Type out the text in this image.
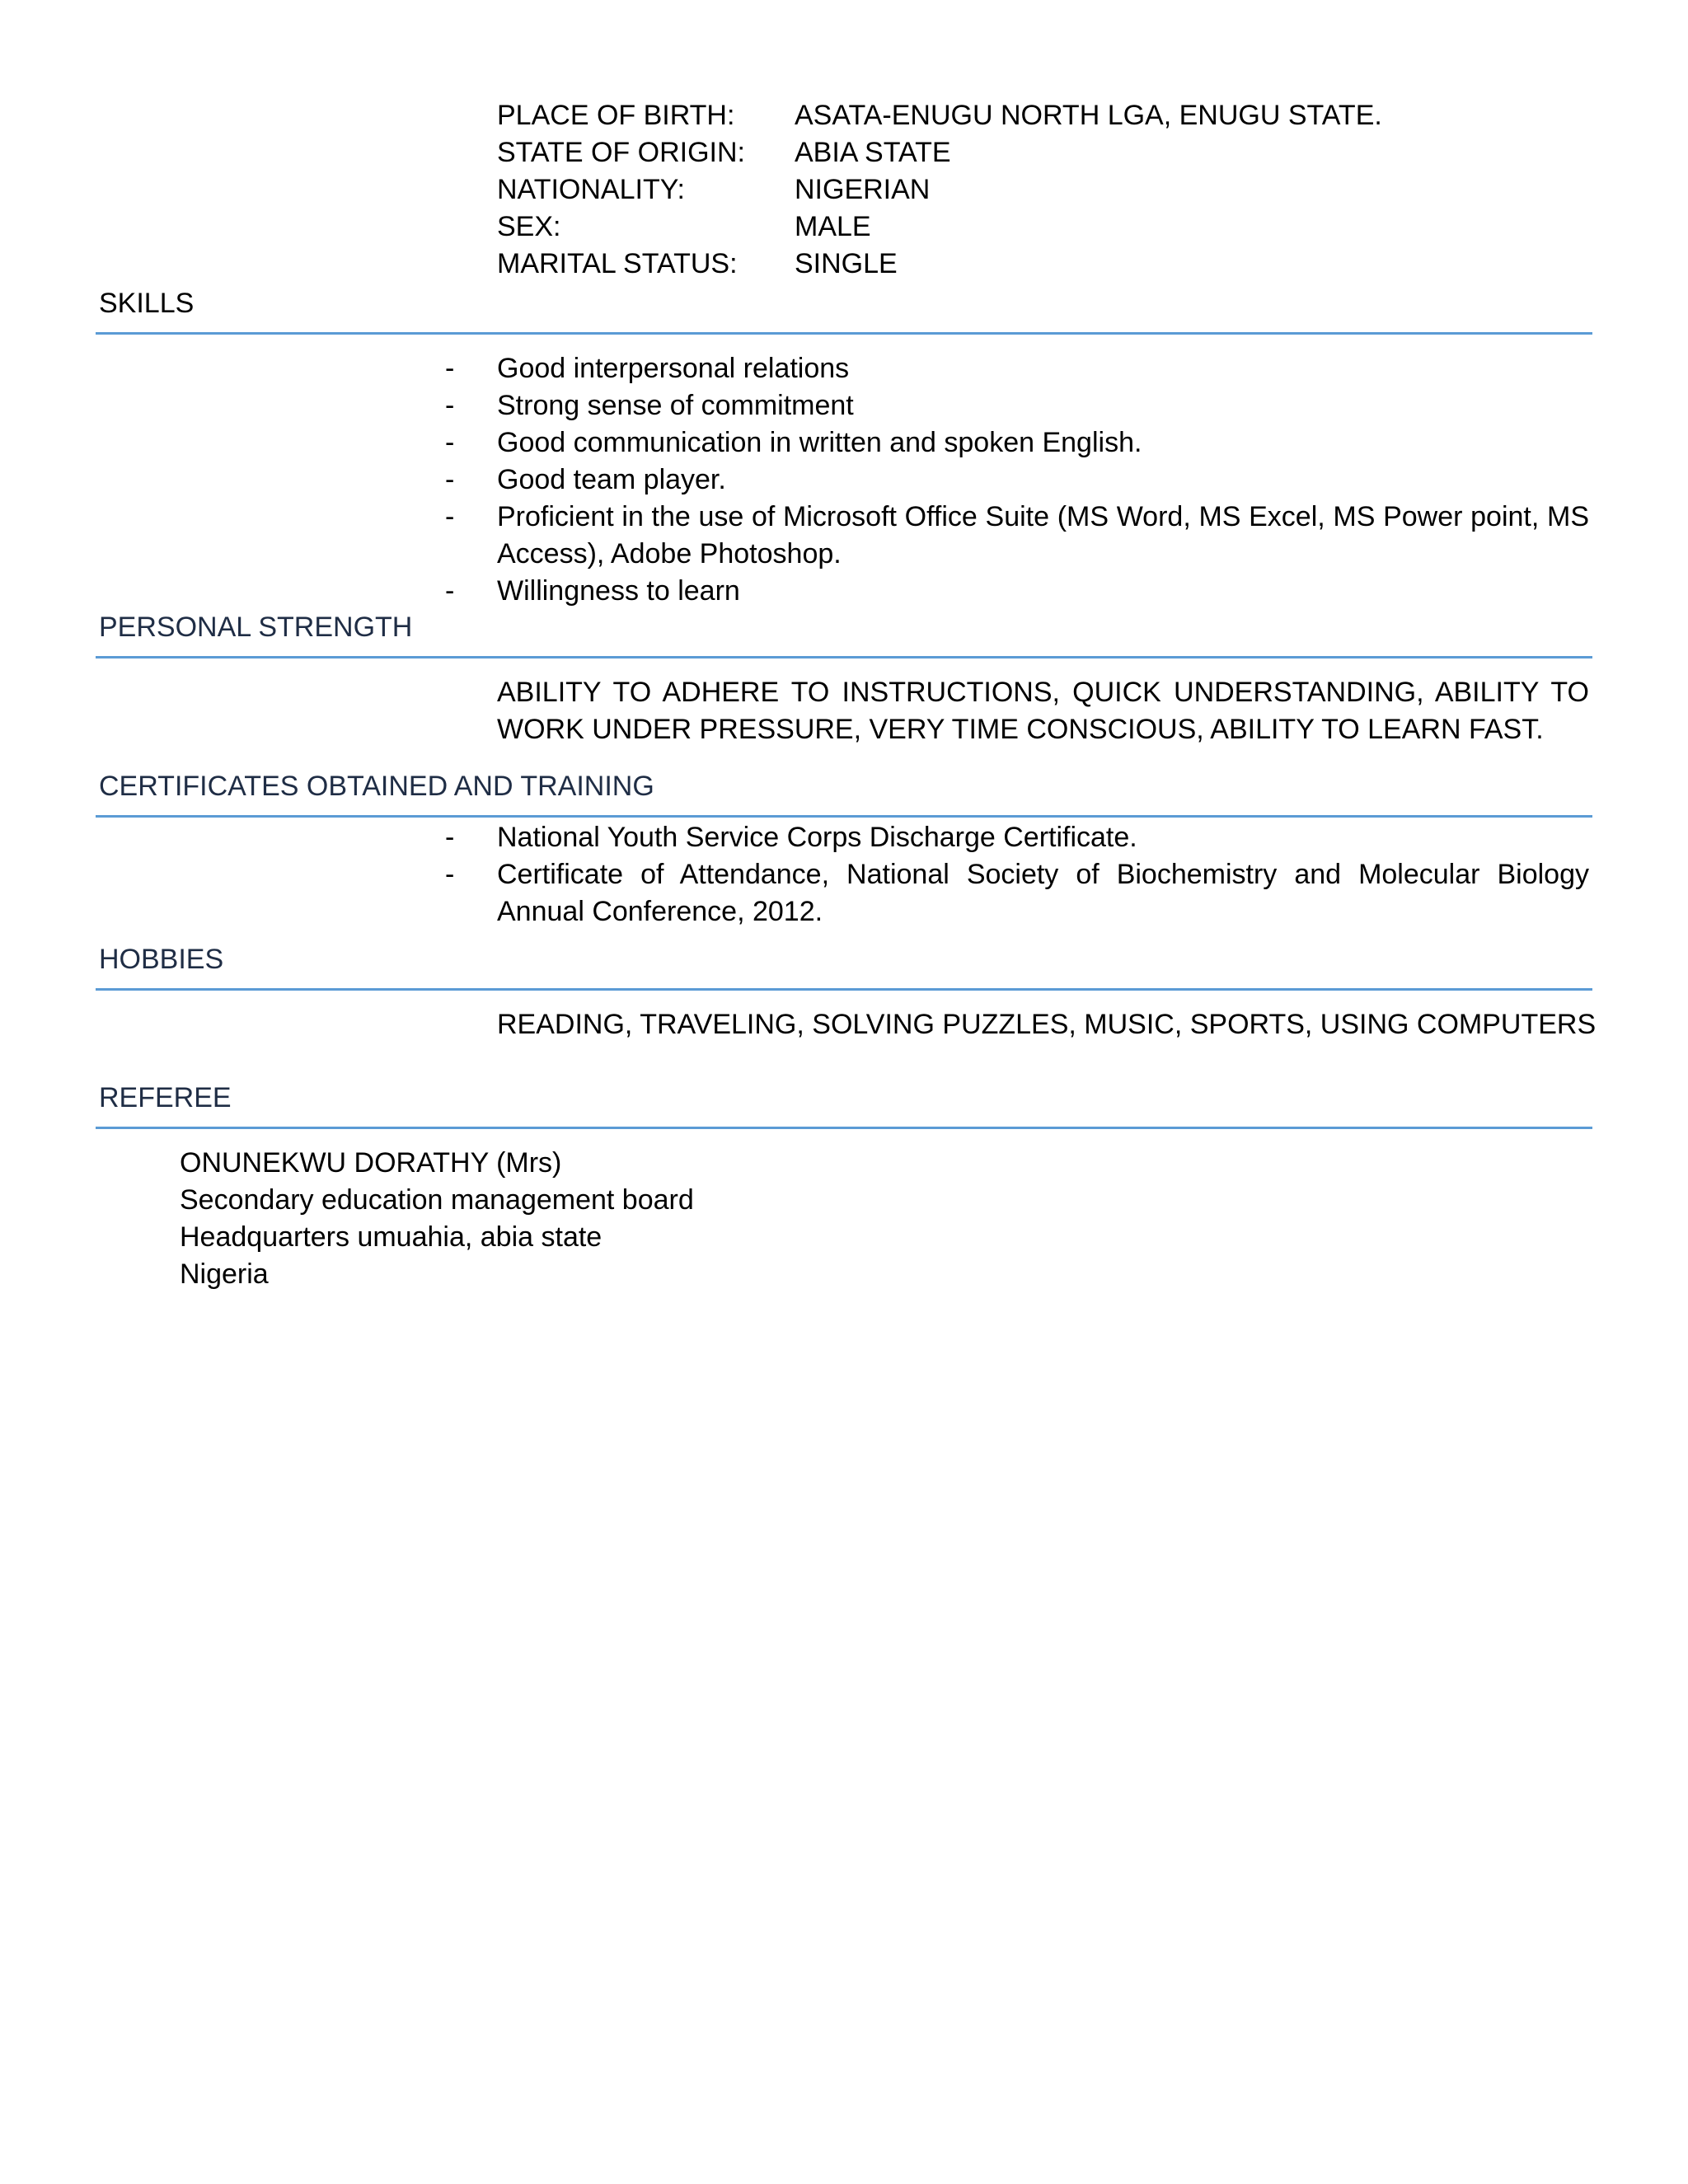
PLACE OF BIRTH:	ASATA-ENUGU NORTH LGA, ENUGU STATE.
STATE OF ORIGIN:	ABIA STATE
NATIONALITY:	NIGERIAN
SEX:	MALE
MARITAL STATUS:	SINGLE
SKILLS
-	Good interpersonal relations
-	Strong sense of commitment
-	Good communication in written and spoken English.
-	Good team player.
-	Proficient in the use of Microsoft Office Suite (MS Word, MS Excel, MS Power point, MS Access), Adobe Photoshop.
-	Willingness to learn
PERSONAL STRENGTH

ABILITY TO ADHERE TO INSTRUCTIONS, QUICK UNDERSTANDING, ABILITY TO WORK UNDER PRESSURE, VERY TIME CONSCIOUS, ABILITY TO LEARN FAST.

CERTIFICATES OBTAINED AND TRAINING
-	National Youth Service Corps Discharge Certificate.
-	Certificate of Attendance, National Society of Biochemistry and Molecular Biology Annual Conference, 2012.
HOBBIES

READING, TRAVELING, SOLVING PUZZLES, MUSIC, SPORTS, USING COMPUTERS

REFEREE
ONUNEKWU DORATHY (Mrs)
Secondary education management board
Headquarters umuahia, abia state
Nigeria
